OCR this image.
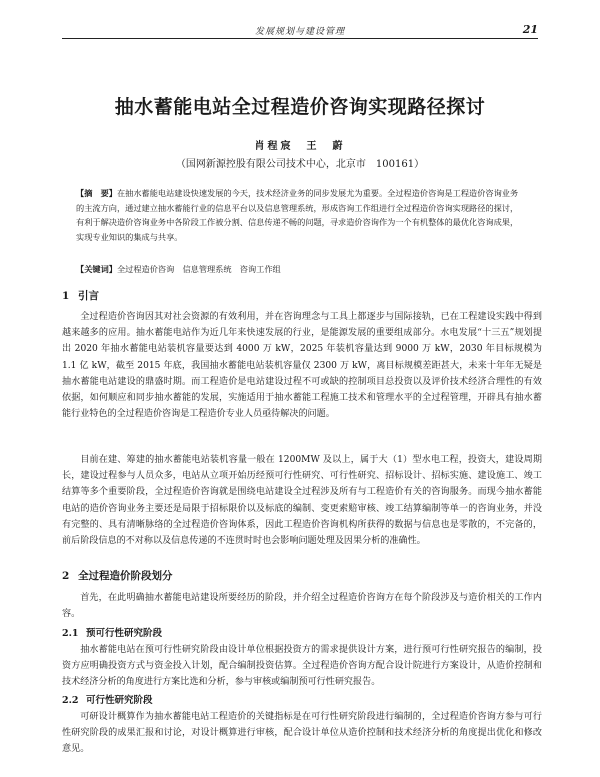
发展规划与建设管理	21
抽水蓄能电站全过程造价咨询实现路径探讨
肖程宸　王　蔚
（国网新源控股有限公司技术中心，北京市　100161）
【摘　要】在抽水蓄能电站建设快速发展的今天，技术经济业务的同步发展尤为重要。全过程造价咨询是工程造价咨询业务的主流方向，通过建立抽水蓄能行业的信息平台以及信息管理系统，形成咨询工作组进行全过程造价咨询实现路径的探讨，有利于解决造价咨询业务中各阶段工作被分割、信息传递不畅的问题，寻求造价咨询作为一个有机整体的最优化咨询成果，实现专业知识的集成与共享。
【关键词】全过程造价咨询　信息管理系统　咨询工作组
1 引言
全过程造价咨询因其对社会资源的有效利用，并在咨询理念与工具上都逐步与国际接轨，已在工程建设实践中得到越来越多的应用。抽水蓄能电站作为近几年来快速发展的行业，是能源发展的重要组成部分。水电发展“十三五”规划提出 2020 年抽水蓄能电站装机容量要达到 4000 万 kW，2025 年装机容量达到 9000 万 kW，2030 年目标规模为 1.1 亿 kW，截至 2015 年底，我国抽水蓄能电站装机容量仅 2300 万 kW，离目标规模差距甚大，未来十年年无疑是抽水蓄能电站建设的鼎盛时期。而工程造价是电站建设过程不可或缺的控制项目总投资以及评价技术经济合理性的有效依据，如何顺应和同步抽水蓄能的发展，实施适用于抽水蓄能工程施工技术和管理水平的全过程管理，开辟具有抽水蓄能行业特色的全过程造价咨询是工程造价专业人员亟待解决的问题。
目前在建、筹建的抽水蓄能电站装机容量一般在 1200MW 及以上，属于大（1）型水电工程，投资大，建设周期长，建设过程参与人员众多，电站从立项开始历经预可行性研究、可行性研究、招标设计、招标实施、建设施工、竣工结算等多个重要阶段，全过程造价咨询就是围绕电站建设全过程涉及所有与工程造价有关的咨询服务。而现今抽水蓄能电站的造价咨询业务主要还是局限于招标限价以及标底的编制、变更索赔审核、竣工结算编制等单一的咨询业务，并没有完整的、具有清晰脉络的全过程造价咨询体系，因此工程造价咨询机构所获得的数据与信息也是零散的，不完备的，前后阶段信息的不对称以及信息传递的不连贯时时也会影响问题处理及因果分析的准确性。
2 全过程造价阶段划分
首先，在此明确抽水蓄能电站建设所要经历的阶段，并介绍全过程造价咨询方在每个阶段涉及与造价相关的工作内容。
2.1 预可行性研究阶段
抽水蓄能电站在预可行性研究阶段由设计单位根据投资方的需求提供设计方案，进行预可行性研究报告的编制，投资方应明确投资方式与资金投入计划，配合编制投资估算。全过程造价咨询方配合设计院进行方案设计，从造价控制和技术经济分析的角度进行方案比选和分析，参与审核或编制预可行性研究报告。
2.2 可行性研究阶段
可研设计概算作为抽水蓄能电站工程造价的关键指标是在可行性研究阶段进行编制的，全过程造价咨询方参与可行性研究阶段的成果汇报和讨论，对设计概算进行审核，配合设计单位从造价控制和技术经济分析的角度提出优化和修改意见。
